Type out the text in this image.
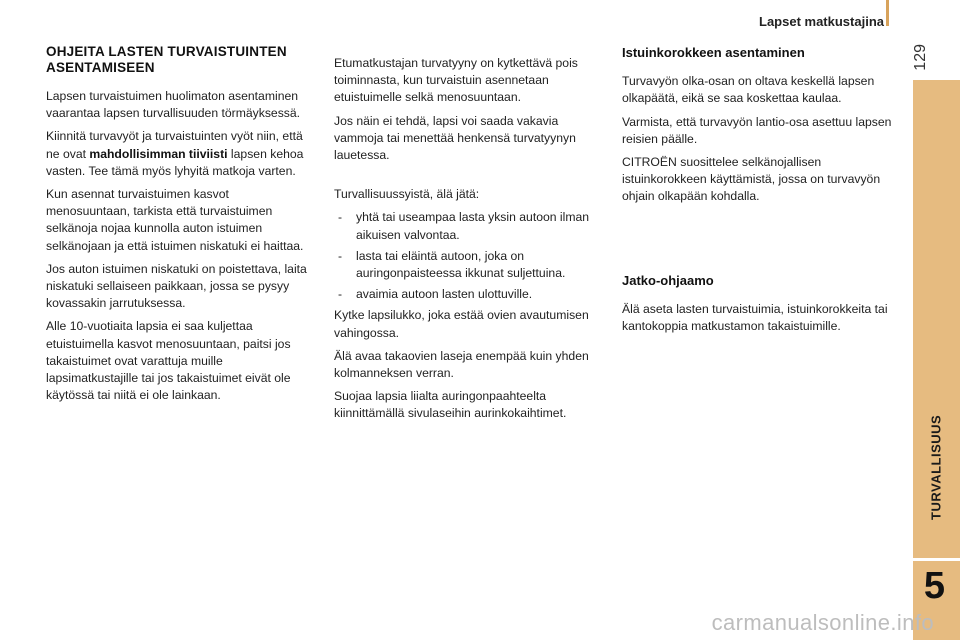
Lapset matkustajina
129
TURVALLISUUS
5
OHJEITA LASTEN TURVAISTUINTEN ASENTAMISEEN

Lapsen turvaistuimen huolimaton asentaminen vaarantaa lapsen turvallisuuden törmäyksessä.

Kiinnitä turvavyöt ja turvaistuinten vyöt niin, että ne ovat mahdollisimman tiiviisti lapsen kehoa vasten. Tee tämä myös lyhyitä matkoja varten.

Kun asennat turvaistuimen kasvot menosuuntaan, tarkista että turvaistuimen selkänoja nojaa kunnolla auton istuimen selkänojaan ja että istuimen niskatuki ei haittaa.

Jos auton istuimen niskatuki on poistettava, laita niskatuki sellaiseen paikkaan, jossa se pysyy kovassakin jarrutuksessa.

Alle 10-vuotiaita lapsia ei saa kuljettaa etuistuimella kasvot menosuuntaan, paitsi jos takaistuimet ovat varattuja muille lapsimatkustajille tai jos takaistuimet eivät ole käytössä tai niitä ei ole lainkaan.

Etumatkustajan turvatyyny on kytkettävä pois toiminnasta, kun turvaistuin asennetaan etuistuimelle selkä menosuuntaan.

Jos näin ei tehdä, lapsi voi saada vakavia vammoja tai menettää henkensä turvatyynyn lauetessa.

Turvallisuussyistä, älä jätä:

- yhtä tai useampaa lasta yksin autoon ilman aikuisen valvontaa.
- lasta tai eläintä autoon, joka on auringonpaisteessa ikkunat suljettuina.
- avaimia autoon lasten ulottuville.

Kytke lapsilukko, joka estää ovien avautumisen vahingossa.

Älä avaa takaovien laseja enempää kuin yhden kolmanneksen verran.

Suojaa lapsia liialta auringonpaahteelta kiinnittämällä sivulaseihin aurinkokaihtimet.

Istuinkorokkeen asentaminen

Turvavyön olka-osan on oltava keskellä lapsen olkapäätä, eikä se saa koskettaa kaulaa.

Varmista, että turvavyön lantio-osa asettuu lapsen reisien päälle.

CITROËN suosittelee selkänojallisen istuinkorokkeen käyttämistä, jossa on turvavyön ohjain olkapään kohdalla.

Jatko-ohjaamo

Älä aseta lasten turvaistuimia, istuinkorokkeita tai kantokoppia matkustamon takaistuimille.

carmanualsonline.info
